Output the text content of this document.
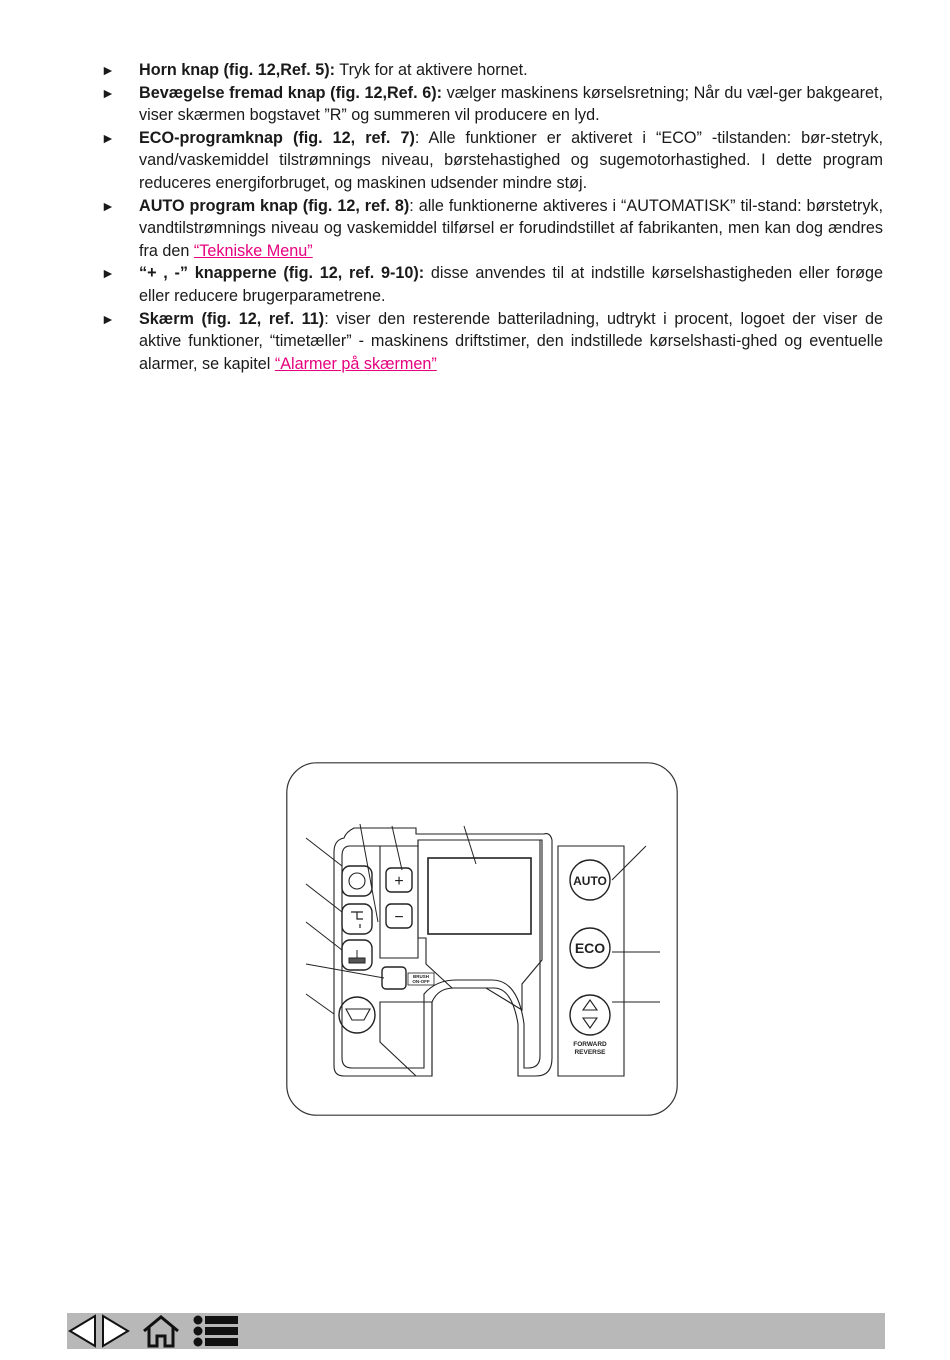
► Horn knap (fig. 12,Ref. 5): Tryk for at aktivere hornet.
► Bevægelse fremad knap (fig. 12,Ref. 6): vælger maskinens kørselsretning; Når du væl-ger bakgearet, viser skærmen bogstavet ”R” og summeren vil producere en lyd.
► ECO-programknap (fig. 12, ref. 7): Alle funktioner er aktiveret i “ECO” -tilstanden: bør-stetryk, vand/vaskemiddel tilstrømnings niveau, børstehastighed og sugemotorhastighed. I dette program reduceres energiforbruget, og maskinen udsender mindre støj.
► AUTO program knap (fig. 12, ref. 8): alle funktionerne aktiveres i “AUTOMATISK” til-stand: børstetryk, vandtilstrømnings niveau og vaskemiddel tilførsel er forudindstillet af fabrikanten, men kan dog ændres fra den “Tekniske Menu”
► “+ , -” knapperne (fig. 12, ref. 9-10): disse anvendes til at indstille kørselshastigheden eller forøge eller reducere brugerparametrene.
► Skærm (fig. 12, ref. 11): viser den resterende batteriladning, udtrykt i procent, logoet der viser de aktive funktioner, “timetæller” - maskinens driftstimer, den indstillede kørselshasti-ghed og eventuelle alarmer, se kapitel “Alarmer på skærmen”
+
−
BRUSH
ON-OFF
AUTO
ECO
FORWARD
REVERSE
